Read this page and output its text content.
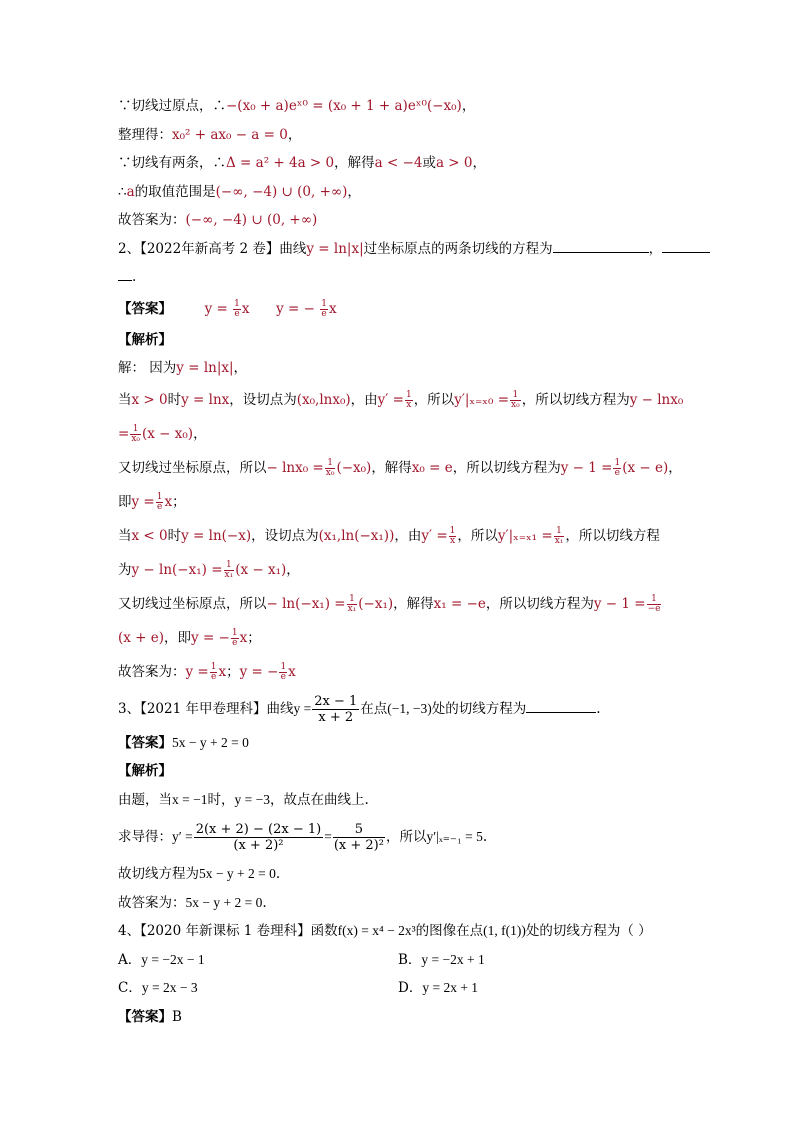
∵切线过原点，∴−(x₀ + a)eˣ⁰ = (x₀ + 1 + a)eˣ⁰(−x₀)，
整理得：x₀² + ax₀ − a = 0，
∵切线有两条，∴Δ = a² + 4a > 0，解得a < −4或a > 0，
∴a的取值范围是(−∞, −4) ∪ (0, +∞)，
故答案为：(−∞, −4) ∪ (0, +∞)
2、【2022年新高考 2 卷】曲线y = ln|x|过坐标原点的两条切线的方程为	，
.
【答案】 $y = \frac{1}{e}$ x y = − $\frac{1}{e}$ x
【解析】
解： 因为y = ln|x|，
当x > 0时y = lnx，设切点为(x₀,lnx₀)，由$y' = \frac{1}{x}$ ，所以$y'|_{x=x0} = \frac{1}{\text{x₀}}$ ，所以切线方程为y − lnx₀
= $\frac{1}{\text{x₀}} (x - x_0)$，
又切线过坐标原点，所以− $\ln x_0 = \frac{1}{\text{x₀}} (-x_0)$，解得x₀ = e，所以切线方程为$y - 1 = \frac{1}{e} (x - e)$，
即$y = \frac{1}{e}$ x；
当x < 0时y = ln(−x)，设切点为(x₁,ln(−x₁))，由$y' = \frac{1}{x}$ ，所以$y'|_{x=x1} = \frac{1}{\text{x₁}}$ ，所以切线方程
为$y - \ln(-x_1) = \frac{1}{\text{x₁}} (x - x_1)$，
又切线过坐标原点，所以− $\ln(-x_1) = \frac{1}{\text{x₁}} (-x_1)$，解得x₁ = −e，所以切线方程为$y - 1 = \frac{1}{-e}$
(x + e)，即y = − $\frac{1}{e}$ x；
故答案为：$y = \frac{1}{e}$ x；y = − $\frac{1}{e}$ x
3、【2021 年甲卷理科】曲线$y = \frac{2x - 1}{x + 2}$ 在点(−1, −3)处的切线方程为	.
【答案】5x − y + 2 = 0
【解析】
由题，当x = −1时，y = −3，故点在曲线上.
求导得：$y' = \frac{2(x + 2) - (2x - 1)}{\text{(x + 2)²}} = \frac{5}{\text{(x + 2)²}}$ ，所以y′|ₓ₌₋₁ = 5.
故切线方程为5x − y + 2 = 0.
故答案为：5x − y + 2 = 0.
4、【2020 年新课标 1 卷理科】函数f(x) = x⁴ − 2x³的图像在点(1, f(1))处的切线方程为（ ）
A．y = −2x − 1	B．y = −2x + 1
C．y = 2x − 3	D．y = 2x + 1
【答案】B
